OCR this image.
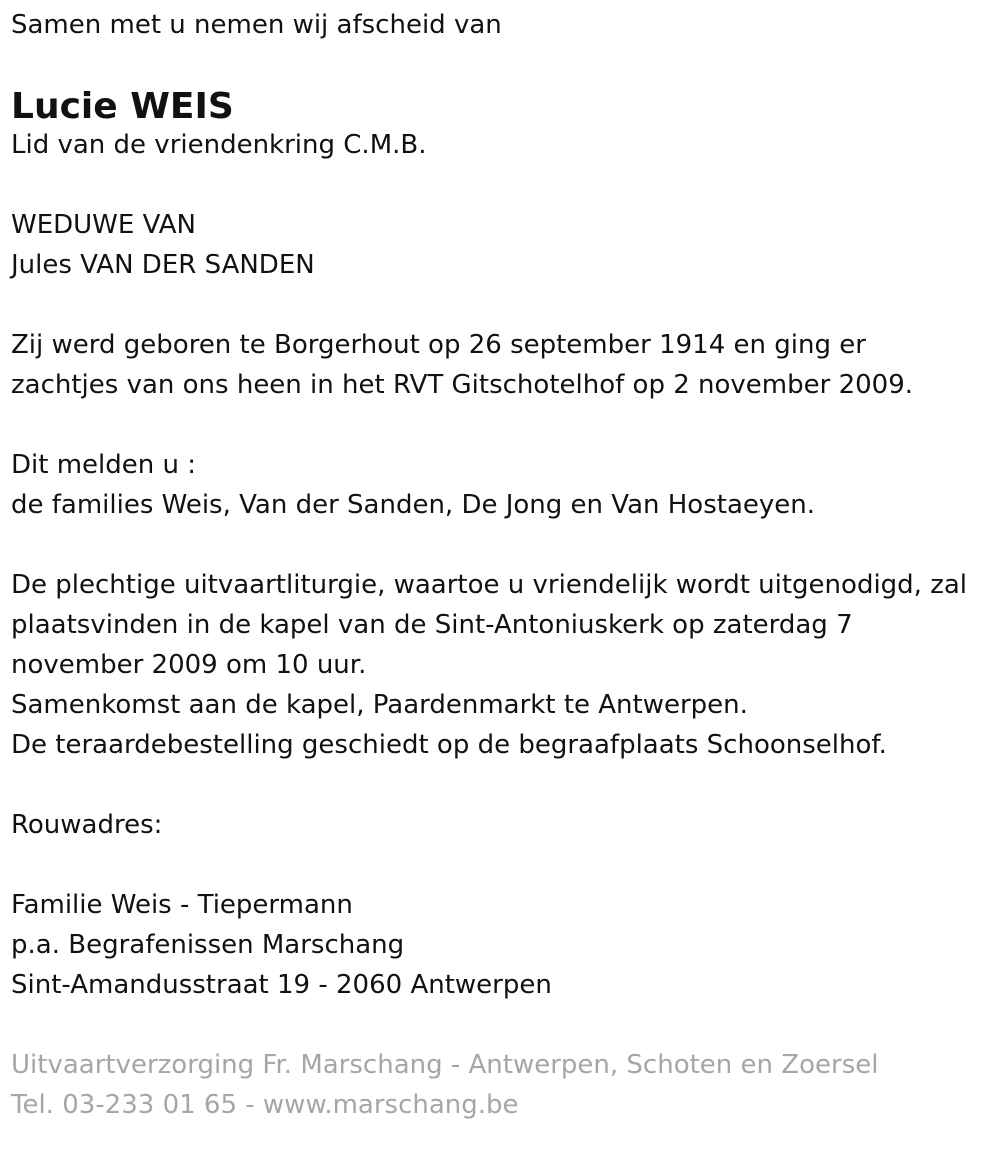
Samen met u nemen wij afscheid van
Lucie WEIS
Lid van de vriendenkring C.M.B.
WEDUWE VAN
Jules VAN DER SANDEN
Zij werd geboren te Borgerhout op 26 september 1914 en ging er
zachtjes van ons heen in het RVT Gitschotelhof op 2 november 2009.
Dit melden u :
de families Weis, Van der Sanden, De Jong en Van Hostaeyen.
De plechtige uitvaartliturgie, waartoe u vriendelijk wordt uitgenodigd, zal
plaatsvinden in de kapel van de Sint-Antoniuskerk op zaterdag 7
november 2009 om 10 uur.
Samenkomst aan de kapel, Paardenmarkt te Antwerpen.
De teraardebestelling geschiedt op de begraafplaats Schoonselhof.
Rouwadres:
Familie Weis - Tiepermann
p.a. Begrafenissen Marschang
Sint-Amandusstraat 19 - 2060 Antwerpen
Uitvaartverzorging Fr. Marschang - Antwerpen, Schoten en Zoersel
Tel. 03-233 01 65 - www.marschang.be
